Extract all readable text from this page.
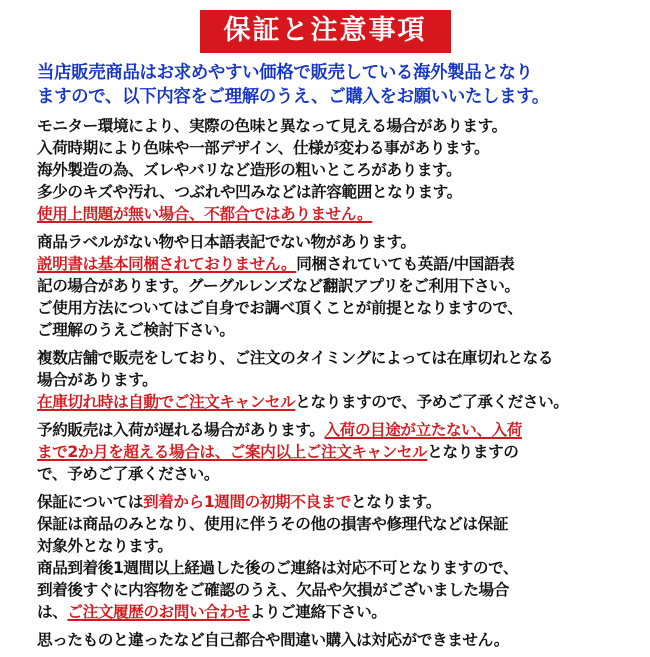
保証と注意事項
当店販売商品はお求めやすい価格で販売している海外製品となり
ますので、以下内容をご理解のうえ、ご購入をお願いいたします。
モニター環境により、実際の色味と異なって見える場合があります。
入荷時期により色味や一部デザイン、仕様が変わる事があります。
海外製造の為、ズレやバリなど造形の粗いところがあります。
多少のキズや汚れ、つぶれや凹みなどは許容範囲となります。
使用上問題が無い場合、不都合ではありません。
商品ラベルがない物や日本語表記でない物があります。
説明書は基本同梱されておりません。同梱されていても英語/中国語表
記の場合があります。グーグルレンズなど翻訳アプリをご利用下さい。
ご使用方法についてはご自身でお調べ頂くことが前提となりますので、
ご理解のうえご検討下さい。
複数店舗で販売をしており、ご注文のタイミングによっては在庫切れとなる
場合があります。
在庫切れ時は自動でご注文キャンセルとなりますので、予めご了承ください。
予約販売は入荷が遅れる場合があります。入荷の目途が立たない、入荷
まで2か月を超える場合は、ご案内以上ご注文キャンセルとなりますの
で、予めご了承ください。
保証については到着から1週間の初期不良までとなります。
保証は商品のみとなり、使用に伴うその他の損害や修理代などは保証
対象外となります。
商品到着後1週間以上経過した後のご連絡は対応不可となりますので、
到着後すぐに内容物をご確認のうえ、欠品や欠損がございました場合
は、ご注文履歴のお問い合わせよりご連絡下さい。
思ったものと違ったなど自己都合や間違い購入は対応ができません。
